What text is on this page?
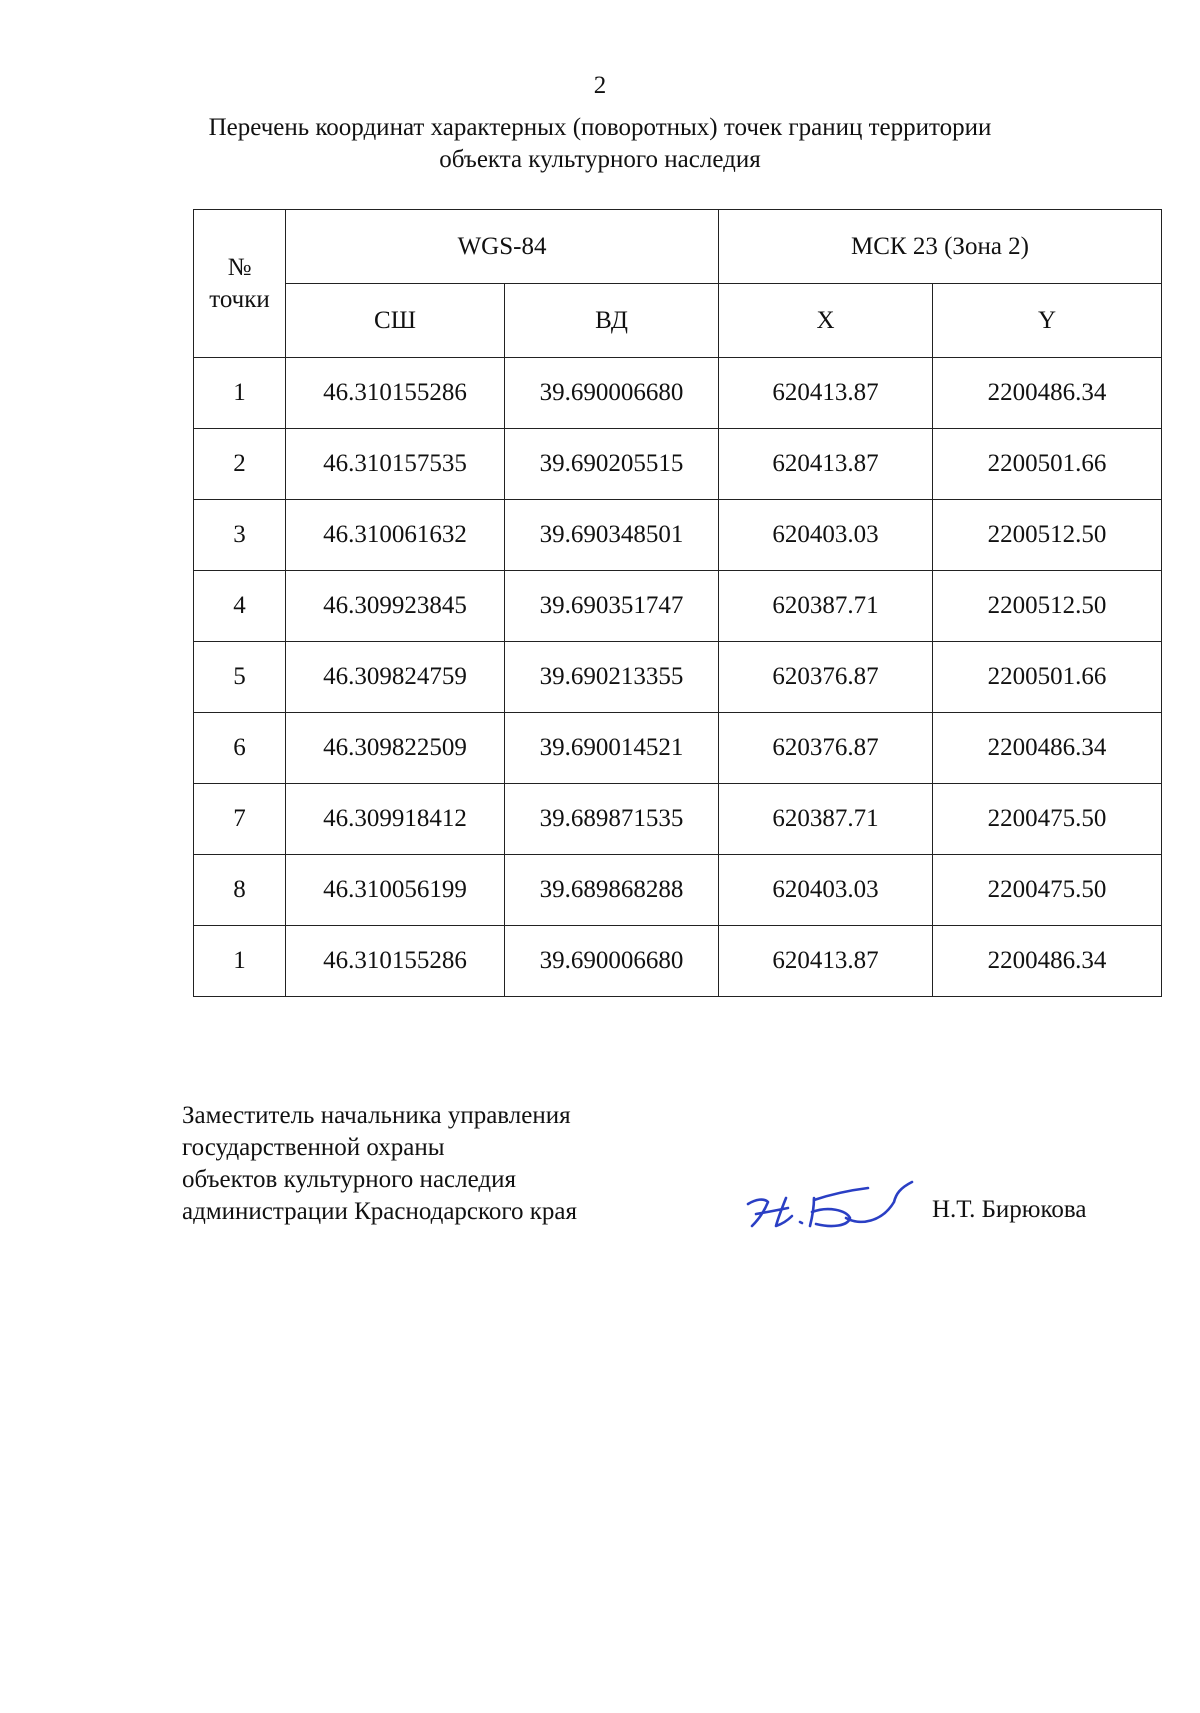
2
Перечень координат характерных (поворотных) точек границ территории
объекта культурного наследия
№
точки	WGS-84		МСК 23 (Зона 2)	
	СШ	ВД	X	Y
1	46.310155286	39.690006680	620413.87	2200486.34
2	46.310157535	39.690205515	620413.87	2200501.66
3	46.310061632	39.690348501	620403.03	2200512.50
4	46.309923845	39.690351747	620387.71	2200512.50
5	46.309824759	39.690213355	620376.87	2200501.66
6	46.309822509	39.690014521	620376.87	2200486.34
7	46.309918412	39.689871535	620387.71	2200475.50
8	46.310056199	39.689868288	620403.03	2200475.50
1	46.310155286	39.690006680	620413.87	2200486.34
Заместитель начальника управления
государственной охраны
объектов культурного наследия
администрации Краснодарского края	Н.Т. Бирюкова
